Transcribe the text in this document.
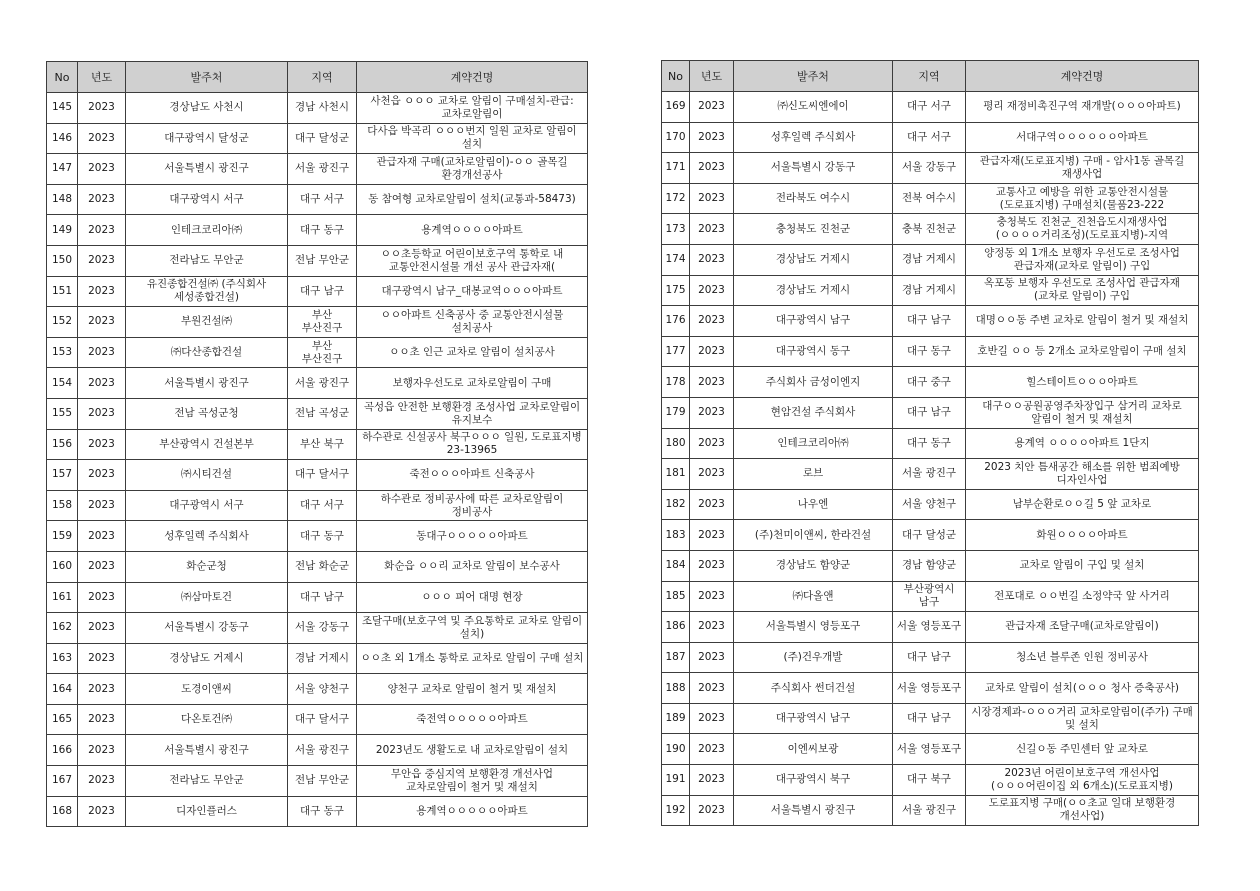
No	년도	발주처	지역	계약건명
145	2023	경상남도 사천시	경남 사천시	사천읍 ㅇㅇㅇ 교차로 알림이 구매설치-관급: 교차로알림이
146	2023	대구광역시 달성군	대구 달성군	다사읍 박곡리 ㅇㅇㅇ번지 일원 교차로 알림이 설치
147	2023	서울특별시 광진구	서울 광진구	관급자재 구매(교차로알림이)-ㅇㅇ 골목길 환경개선공사
148	2023	대구광역시 서구	대구 서구	동 참여형 교차로알림이 설치(교통과-58473)
149	2023	인테크코리아㈜	대구 동구	용계역ㅇㅇㅇㅇ아파트
150	2023	전라남도 무안군	전남 무안군	ㅇㅇ초등학교 어린이보호구역 통학로 내 교통안전시설물 개선 공사 관급자재(
151	2023	유진종합건설㈜ (주식회사 세성종합건설)	대구 남구	대구광역시 남구_대봉교역ㅇㅇㅇ아파트
152	2023	부원건설㈜	부산 부산진구	ㅇㅇ아파트 신축공사 중 교통안전시설물 설치공사
153	2023	㈜다산종합건설	부산 부산진구	ㅇㅇ초 인근 교차로 알림이 설치공사
154	2023	서울특별시 광진구	서울 광진구	보행자우선도로 교차로알림이 구매
155	2023	전남 곡성군청	전남 곡성군	곡성읍 안전한 보행환경 조성사업 교차로알림이 유지보수
156	2023	부산광역시 건설본부	부산 북구	하수관로 신설공사 북구ㅇㅇㅇ 일원, 도로표지병 23-13965
157	2023	㈜시티건설	대구 달서구	죽전ㅇㅇㅇ아파트 신축공사
158	2023	대구광역시 서구	대구 서구	하수관로 정비공사에 따른 교차로알림이 정비공사
159	2023	성후일렉 주식회사	대구 동구	동대구ㅇㅇㅇㅇㅇ아파트
160	2023	화순군청	전남 화순군	화순읍 ㅇㅇ리 교차로 알림이 보수공사
161	2023	㈜삼마토건	대구 남구	ㅇㅇㅇ 피어 대명 현장
162	2023	서울특별시 강동구	서울 강동구	조달구매(보호구역 및 주요통학로 교차로 알림이 설치)
163	2023	경상남도 거제시	경남 거제시	ㅇㅇ초 외 1개소 통학로 교차로 알림이 구매 설치
164	2023	도경이앤씨	서울 양천구	양천구 교차로 알림이 철거 및 재설치
165	2023	다온토건㈜	대구 달서구	죽전역ㅇㅇㅇㅇㅇ아파트
166	2023	서울특별시 광진구	서울 광진구	2023년도 생활도로 내 교차로알림이 설치
167	2023	전라남도 무안군	전남 무안군	무안읍 중심지역 보행환경 개선사업 교차로알림이 철거 및 재설치
168	2023	디자인플러스	대구 동구	용계역ㅇㅇㅇㅇㅇ아파트
No	년도	발주처	지역	계약건명
169	2023	㈜신도씨엔에이	대구 서구	평리 재정비촉진구역 재개발(ㅇㅇㅇ아파트)
170	2023	성후일렉 주식회사	대구 서구	서대구역ㅇㅇㅇㅇㅇㅇ아파트
171	2023	서울특별시 강동구	서울 강동구	관급자재(도로표지병) 구매 - 암사1동 골목길 재생사업
172	2023	전라북도 여수시	전북 여수시	교통사고 예방을 위한 교통안전시설물(도로표지병) 구매설치(물품23-222
173	2023	충청북도 진천군	충북 진천군	충청북도 진천군_진천읍도시재생사업(ㅇㅇㅇㅇ거리조성)(도로표지병)-지역
174	2023	경상남도 거제시	경남 거제시	양정동 외 1개소 보행자 우선도로 조성사업 관급자재(교차로 알림이) 구입
175	2023	경상남도 거제시	경남 거제시	옥포동 보행자 우선도로 조성사업 관급자재(교차로 알림이) 구입
176	2023	대구광역시 남구	대구 남구	대명ㅇㅇ동 주변 교차로 알림이 철거 및 재설치
177	2023	대구광역시 동구	대구 동구	호반길 ㅇㅇ 등 2개소 교차로알림이 구매 설치
178	2023	주식회사 금성이엔지	대구 중구	힐스테이트ㅇㅇㅇ아파트
179	2023	현암건설 주식회사	대구 남구	대구ㅇㅇ공원공영주차장입구 삼거리 교차로 알림이 철거 및 재설치
180	2023	인테크코리아㈜	대구 동구	용계역 ㅇㅇㅇㅇ아파트 1단지
181	2023	로브	서울 광진구	2023 치안 틈새공간 해소를 위한 범죄예방 디자인사업
182	2023	나우엔	서울 양천구	남부순환로ㅇㅇ길 5 앞 교차로
183	2023	(주)천미이앤씨, 한라건설	대구 달성군	화원ㅇㅇㅇㅇ아파트
184	2023	경상남도 함양군	경남 함양군	교차로 알림이 구입 및 설치
185	2023	㈜다올앤	부산광역시 남구	전포대로 ㅇㅇ번길 소정약국 앞 사거리
186	2023	서울특별시 영등포구	서울 영등포구	관급자재 조달구매(교차로알림이)
187	2023	(주)건우개발	대구 남구	청소년 블루존 인원 정비공사
188	2023	주식회사 썬더건설	서울 영등포구	교차로 알림이 설치(ㅇㅇㅇ 청사 증축공사)
189	2023	대구광역시 남구	대구 남구	시장경제과-ㅇㅇㅇ거리 교차로알림이(주가) 구매 및 설치
190	2023	이엔씨보광	서울 영등포구	신길ㅇ동 주민센터 앞 교차로
191	2023	대구광역시 북구	대구 북구	2023년 어린이보호구역 개선사업(ㅇㅇㅇ어린이집 외 6개소)(도로표지병)
192	2023	서울특별시 광진구	서울 광진구	도로표지병 구매(ㅇㅇ초교 일대 보행환경 개선사업)
